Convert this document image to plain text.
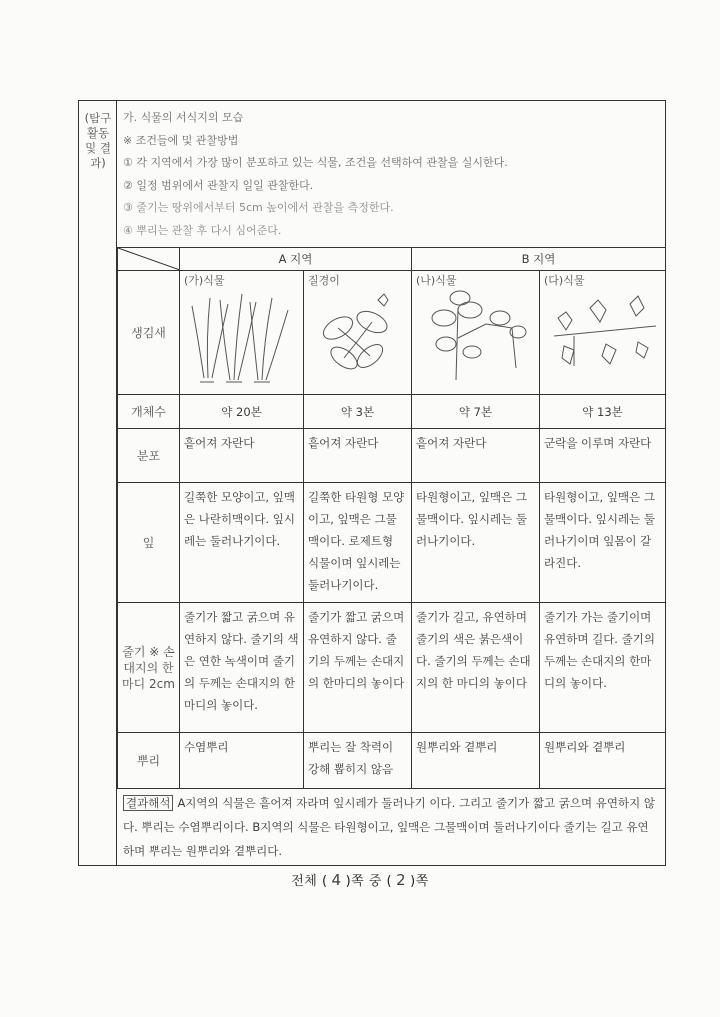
(탐구 활동 및 결과)
가. 식물의 서식지의 모습
※ 조건들에 및 관찰방법
① 각 지역에서 가장 많이 분포하고 있는 식물, 조건을 선택하여 관찰을 실시한다.
② 일정 범위에서 관찰지 일일 관찰한다.
③ 줄기는 땅위에서부터 5cm 높이에서 관찰을 측정한다.
④ 뿌리는 관찰 후 다시 심어준다.
	A 지역		B 지역	
생김새	(가)식물	질경이	(나)식물	(다)식물

개체수	약 20본	약 3본	약 7본	약 13본
분포	흩어져 자란다	흩어져 자란다	흩어져 자란다	군락을 이루며 자란다
잎	길쭉한 모양이고, 잎맥은 나란히맥이다. 잎시레는 둘러나기이다.	길쭉한 타원형 모양이고, 잎맥은 그물맥이다. 로제트형 식물이며 잎시레는 둘러나기이다.	타원형이고, 잎맥은 그물맥이다. 잎시레는 둘러나기이다.	타원형이고, 잎맥은 그물맥이다. 잎시레는 둘러나기이며 잎몸이 갈라진다.
줄기 ※ 손대지의 한마디 2cm	줄기가 짧고 굵으며 유연하지 않다. 줄기의 색은 연한 녹색이며 줄기의 두께는 손대지의 한마디의 놓이다.	줄기가 짧고 굵으며 유연하지 않다. 줄기의 두께는 손대지의 한마디의 놓이다	줄기가 길고, 유연하며 줄기의 색은 붉은색이다. 줄기의 두께는 손대지의 한 마디의 놓이다	줄기가 가는 줄기이며 유연하며 길다. 줄기의 두께는 손대지의 한마디의 놓이다.
뿌리	수염뿌리	뿌리는 잘 착력이 강해 뽑히지 않음	원뿌리와 곁뿌리	원뿌리와 곁뿌리
결과해석 A지역의 식물은 흩어져 자라며 잎시레가 둘러나기 이다. 그리고 줄기가 짧고 굵으며 유연하지 않다. 뿌리는 수염뿌리이다. B지역의 식물은 타원형이고, 잎맥은 그물맥이며 둘러나기이다 줄기는 길고 유연하며 뿌리는 원뿌리와 곁뿌리다.
전체 ( 4 )쪽 중 ( 2 )쪽
